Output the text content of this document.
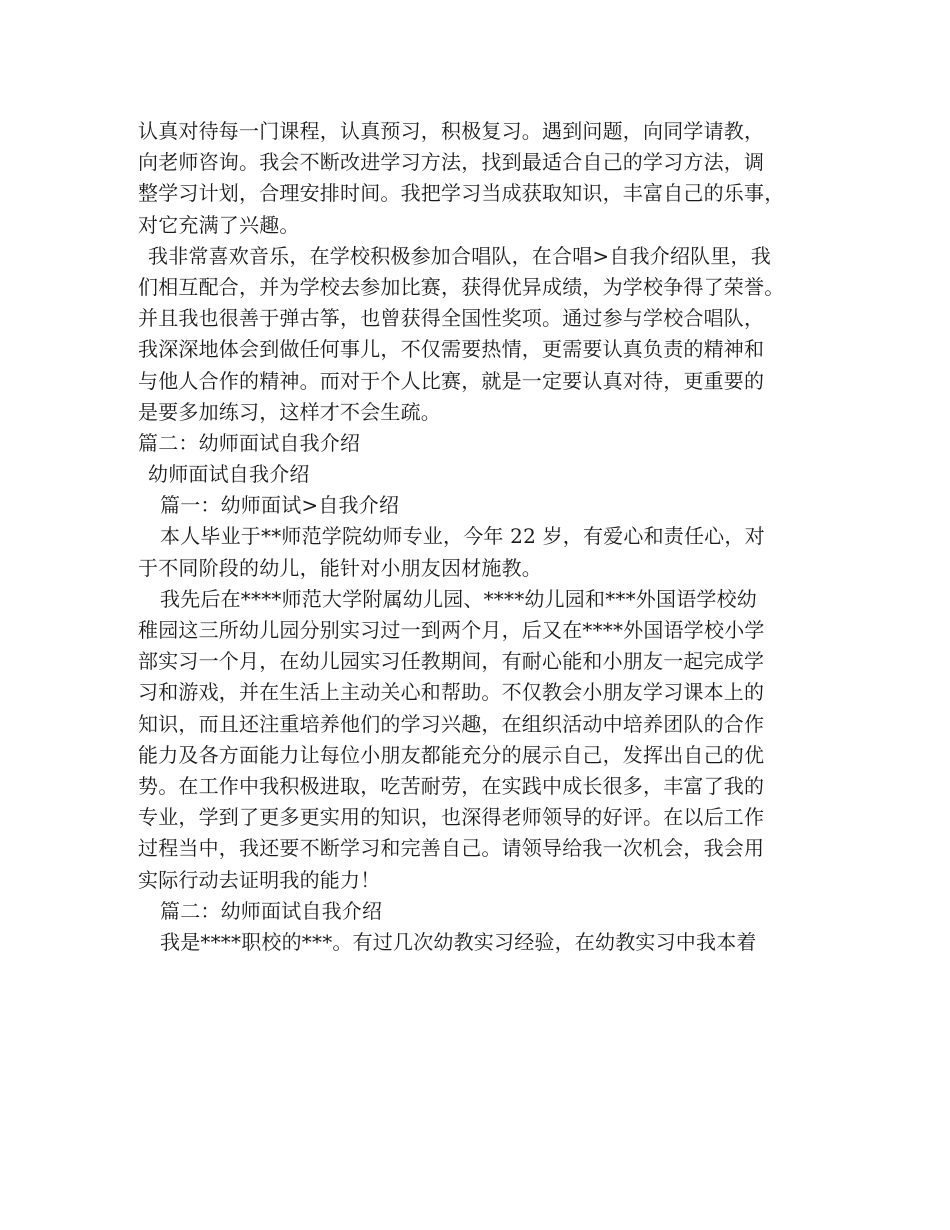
认真对待每一门课程，认真预习，积极复习。遇到问题，向同学请教，
向老师咨询。我会不断改进学习方法，找到最适合自己的学习方法，调
整学习计划，合理安排时间。我把学习当成获取知识，丰富自己的乐事，
对它充满了兴趣。
我非常喜欢音乐，在学校积极参加合唱队，在合唱>自我介绍队里，我
们相互配合，并为学校去参加比赛，获得优异成绩，为学校争得了荣誉。
并且我也很善于弹古筝，也曾获得全国性奖项。通过参与学校合唱队，
我深深地体会到做任何事儿，不仅需要热情，更需要认真负责的精神和
与他人合作的精神。而对于个人比赛，就是一定要认真对待，更重要的
是要多加练习，这样才不会生疏。
篇二：幼师面试自我介绍
幼师面试自我介绍
篇一：幼师面试>自我介绍
本人毕业于**师范学院幼师专业，今年 22 岁，有爱心和责任心，对
于不同阶段的幼儿，能针对小朋友因材施教。
我先后在****师范大学附属幼儿园、****幼儿园和***外国语学校幼
稚园这三所幼儿园分别实习过一到两个月，后又在****外国语学校小学
部实习一个月，在幼儿园实习任教期间，有耐心能和小朋友一起完成学
习和游戏，并在生活上主动关心和帮助。不仅教会小朋友学习课本上的
知识，而且还注重培养他们的学习兴趣，在组织活动中培养团队的合作
能力及各方面能力让每位小朋友都能充分的展示自己，发挥出自己的优
势。在工作中我积极进取，吃苦耐劳，在实践中成长很多，丰富了我的
专业，学到了更多更实用的知识，也深得老师领导的好评。在以后工作
过程当中，我还要不断学习和完善自己。请领导给我一次机会，我会用
实际行动去证明我的能力！
篇二：幼师面试自我介绍
我是****职校的***。有过几次幼教实习经验，在幼教实习中我本着
